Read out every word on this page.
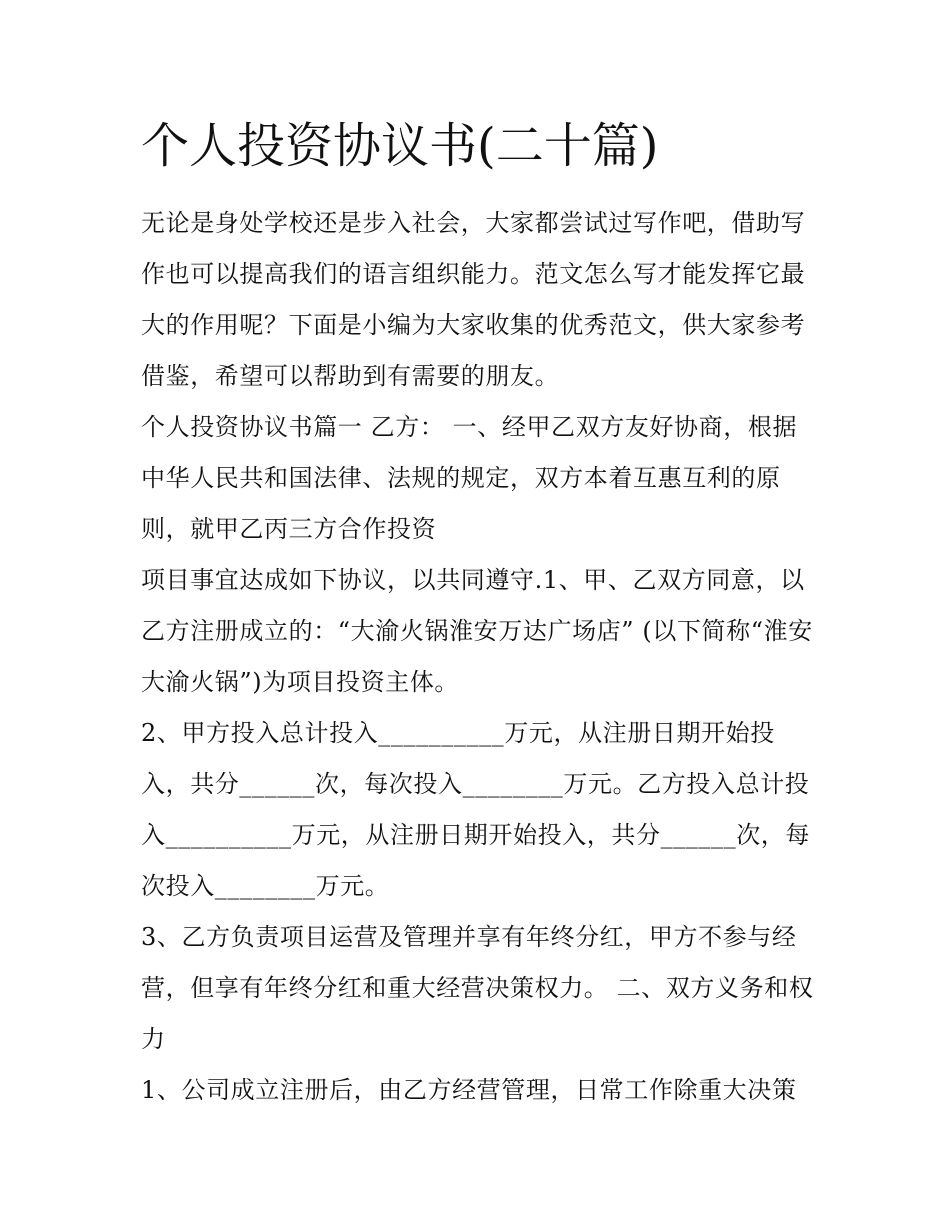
个人投资协议书(二十篇)

无论是身处学校还是步入社会，大家都尝试过写作吧，借助写作也可以提高我们的语言组织能力。范文怎么写才能发挥它最大的作用呢？下面是小编为大家收集的优秀范文，供大家参考借鉴，希望可以帮助到有需要的朋友。

个人投资协议书篇一 乙方： 一、经甲乙双方友好协商，根据中华人民共和国法律、法规的规定，双方本着互惠互利的原则，就甲乙丙三方合作投资

项目事宜达成如下协议，以共同遵守.1、甲、乙双方同意，以乙方注册成立的：“大渝火锅淮安万达广场店” (以下简称“淮安大渝火锅”)为项目投资主体。

2、甲方投入总计投入__________万元，从注册日期开始投入，共分______次，每次投入________万元。乙方投入总计投入__________万元，从注册日期开始投入，共分______次，每次投入________万元。

3、乙方负责项目运营及管理并享有年终分红，甲方不参与经营，但享有年终分红和重大经营决策权力。 二、双方义务和权力

1、公司成立注册后，由乙方经营管理，日常工作除重大决策
